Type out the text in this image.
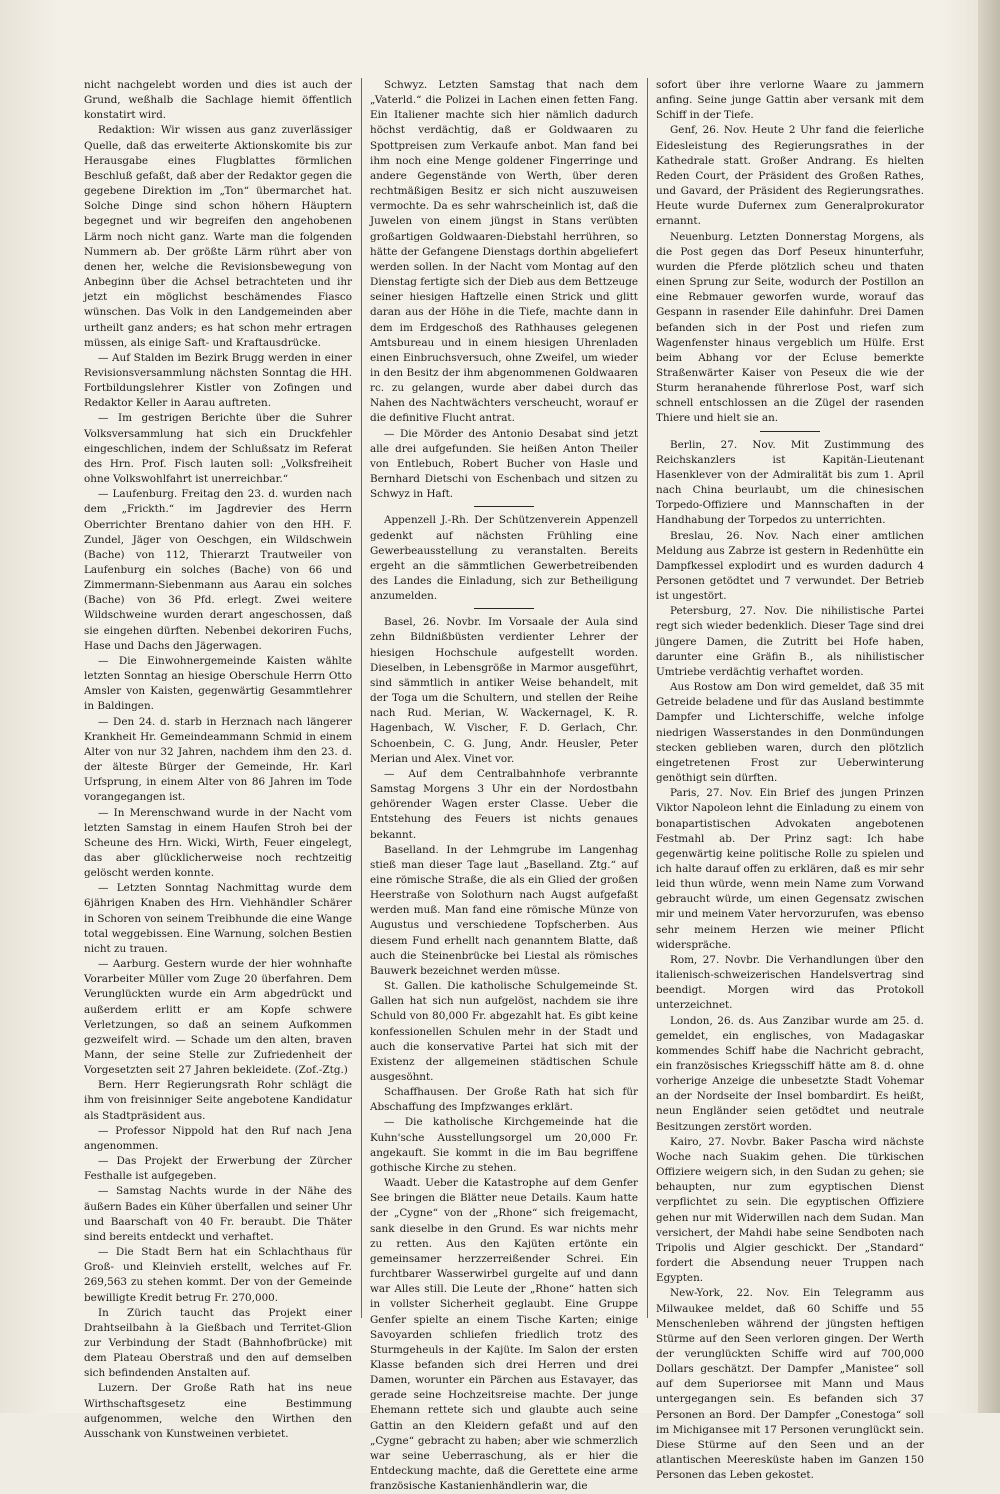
nicht nachgelebt worden und dies ist auch der Grund, weßhalb die Sachlage hiemit öffentlich konstatirt wird.

Redaktion: Wir wissen aus ganz zuverlässiger Quelle, daß das erweiterte Aktionskomite bis zur Herausgabe eines Flugblattes förmlichen Beschluß gefaßt, daß aber der Redaktor gegen die gegebene Direktion im „Ton“ übermarchet hat. Solche Dinge sind schon höhern Häuptern begegnet und wir begreifen den angehobenen Lärm noch nicht ganz. Warte man die folgenden Nummern ab. Der größte Lärm rührt aber von denen her, welche die Revisionsbewegung von Anbeginn über die Achsel betrachteten und ihr jetzt ein möglichst beschämendes Fiasco wünschen. Das Volk in den Landgemeinden aber urtheilt ganz anders; es hat schon mehr ertragen müssen, als einige Saft- und Kraftausdrücke.

— Auf Stalden im Bezirk Brugg werden in einer Revisionsversammlung nächsten Sonntag die HH. Fortbildungslehrer Kistler von Zofingen und Redaktor Keller in Aarau auftreten.

— Im gestrigen Berichte über die Suhrer Volksversammlung hat sich ein Druckfehler eingeschlichen, indem der Schlußsatz im Referat des Hrn. Prof. Fisch lauten soll: „Volksfreiheit ohne Volkswohlfahrt ist unerreichbar.“

— Laufenburg. Freitag den 23. d. wurden nach dem „Frickth.“ im Jagdrevier des Herrn Oberrichter Brentano dahier von den HH. F. Zundel, Jäger von Oeschgen, ein Wildschwein (Bache) von 112, Thierarzt Trautweiler von Laufenburg ein solches (Bache) von 66 und Zimmermann-Siebenmann aus Aarau ein solches (Bache) von 36 Pfd. erlegt. Zwei weitere Wildschweine wurden derart angeschossen, daß sie eingehen dürften. Nebenbei dekoriren Fuchs, Hase und Dachs den Jägerwagen.

— Die Einwohnergemeinde Kaisten wählte letzten Sonntag an hiesige Oberschule Herrn Otto Amsler von Kaisten, gegenwärtig Gesammtlehrer in Baldingen.

— Den 24. d. starb in Herznach nach längerer Krankheit Hr. Gemeindeammann Schmid in einem Alter von nur 32 Jahren, nachdem ihm den 23. d. der älteste Bürger der Gemeinde, Hr. Karl Urfsprung, in einem Alter von 86 Jahren im Tode vorangegangen ist.

— In Merenschwand wurde in der Nacht vom letzten Samstag in einem Haufen Stroh bei der Scheune des Hrn. Wicki, Wirth, Feuer eingelegt, das aber glücklicherweise noch rechtzeitig gelöscht werden konnte.

— Letzten Sonntag Nachmittag wurde dem 6jährigen Knaben des Hrn. Viehhändler Schärer in Schoren von seinem Treibhunde die eine Wange total weggebissen. Eine Warnung, solchen Bestien nicht zu trauen.

— Aarburg. Gestern wurde der hier wohnhafte Vorarbeiter Müller vom Zuge 20 überfahren. Dem Verunglückten wurde ein Arm abgedrückt und außerdem erlitt er am Kopfe schwere Verletzungen, so daß an seinem Aufkommen gezweifelt wird. — Schade um den alten, braven Mann, der seine Stelle zur Zufriedenheit der Vorgesetzten seit 27 Jahren bekleidete. (Zof.-Ztg.)

Bern. Herr Regierungsrath Rohr schlägt die ihm von freisinniger Seite angebotene Kandidatur als Stadtpräsident aus.

— Professor Nippold hat den Ruf nach Jena angenommen.

— Das Projekt der Erwerbung der Zürcher Festhalle ist aufgegeben.

— Samstag Nachts wurde in der Nähe des äußern Bades ein Küher überfallen und seiner Uhr und Baarschaft von 40 Fr. beraubt. Die Thäter sind bereits entdeckt und verhaftet.

— Die Stadt Bern hat ein Schlachthaus für Groß- und Kleinvieh erstellt, welches auf Fr. 269,563 zu stehen kommt. Der von der Gemeinde bewilligte Kredit betrug Fr. 270,000.

In Zürich taucht das Projekt einer Drahtseilbahn à la Gießbach und Territet-Glion zur Verbindung der Stadt (Bahnhofbrücke) mit dem Plateau Oberstraß und den auf demselben sich befindenden Anstalten auf.

Luzern. Der Große Rath hat ins neue Wirthschaftsgesetz eine Bestimmung aufgenommen, welche den Wirthen den Ausschank von Kunstweinen verbietet.

Schwyz. Letzten Samstag that nach dem „Vaterld.“ die Polizei in Lachen einen fetten Fang. Ein Italiener machte sich hier nämlich dadurch höchst verdächtig, daß er Goldwaaren zu Spottpreisen zum Verkaufe anbot. Man fand bei ihm noch eine Menge goldener Fingerringe und andere Gegenstände von Werth, über deren rechtmäßigen Besitz er sich nicht auszuweisen vermochte. Da es sehr wahrscheinlich ist, daß die Juwelen von einem jüngst in Stans verübten großartigen Goldwaaren-Diebstahl herrühren, so hätte der Gefangene Dienstags dorthin abgeliefert werden sollen. In der Nacht vom Montag auf den Dienstag fertigte sich der Dieb aus dem Bettzeuge seiner hiesigen Haftzelle einen Strick und glitt daran aus der Höhe in die Tiefe, machte dann in dem im Erdgeschoß des Rathhauses gelegenen Amtsbureau und in einem hiesigen Uhrenladen einen Einbruchsversuch, ohne Zweifel, um wieder in den Besitz der ihm abgenommenen Goldwaaren rc. zu gelangen, wurde aber dabei durch das Nahen des Nachtwächters verscheucht, worauf er die definitive Flucht antrat.

— Die Mörder des Antonio Desabat sind jetzt alle drei aufgefunden. Sie heißen Anton Theiler von Entlebuch, Robert Bucher von Hasle und Bernhard Dietschi von Eschenbach und sitzen zu Schwyz in Haft.

Appenzell J.-Rh. Der Schützenverein Appenzell gedenkt auf nächsten Frühling eine Gewerbeausstellung zu veranstalten. Bereits ergeht an die sämmtlichen Gewerbetreibenden des Landes die Einladung, sich zur Betheiligung anzumelden.

Basel, 26. Novbr. Im Vorsaale der Aula sind zehn Bildnißbüsten verdienter Lehrer der hiesigen Hochschule aufgestellt worden. Dieselben, in Lebensgröße in Marmor ausgeführt, sind sämmtlich in antiker Weise behandelt, mit der Toga um die Schultern, und stellen der Reihe nach Rud. Merian, W. Wackernagel, K. R. Hagenbach, W. Vischer, F. D. Gerlach, Chr. Schoenbein, C. G. Jung, Andr. Heusler, Peter Merian und Alex. Vinet vor.

— Auf dem Centralbahnhofe verbrannte Samstag Morgens 3 Uhr ein der Nordostbahn gehörender Wagen erster Classe. Ueber die Entstehung des Feuers ist nichts genaues bekannt.

Baselland. In der Lehmgrube im Langenhag stieß man dieser Tage laut „Baselland. Ztg.“ auf eine römische Straße, die als ein Glied der großen Heerstraße von Solothurn nach Augst aufgefaßt werden muß. Man fand eine römische Münze von Augustus und verschiedene Topfscherben. Aus diesem Fund erhellt nach genanntem Blatte, daß auch die Steinenbrücke bei Liestal als römisches Bauwerk bezeichnet werden müsse.

St. Gallen. Die katholische Schulgemeinde St. Gallen hat sich nun aufgelöst, nachdem sie ihre Schuld von 80,000 Fr. abgezahlt hat. Es gibt keine konfessionellen Schulen mehr in der Stadt und auch die konservative Partei hat sich mit der Existenz der allgemeinen städtischen Schule ausgesöhnt.

Schaffhausen. Der Große Rath hat sich für Abschaffung des Impfzwanges erklärt.

— Die katholische Kirchgemeinde hat die Kuhn'sche Ausstellungsorgel um 20,000 Fr. angekauft. Sie kommt in die im Bau begriffene gothische Kirche zu stehen.

Waadt. Ueber die Katastrophe auf dem Genfer See bringen die Blätter neue Details. Kaum hatte der „Cygne“ von der „Rhone“ sich freigemacht, sank dieselbe in den Grund. Es war nichts mehr zu retten. Aus den Kajüten ertönte ein gemeinsamer herzzerreißender Schrei. Ein furchtbarer Wasserwirbel gurgelte auf und dann war Alles still. Die Leute der „Rhone“ hatten sich in vollster Sicherheit geglaubt. Eine Gruppe Genfer spielte an einem Tische Karten; einige Savoyarden schliefen friedlich trotz des Sturmgeheuls in der Kajüte. Im Salon der ersten Klasse befanden sich drei Herren und drei Damen, worunter ein Pärchen aus Estavayer, das gerade seine Hochzeitsreise machte. Der junge Ehemann rettete sich und glaubte auch seine Gattin an den Kleidern gefaßt und auf den „Cygne“ gebracht zu haben; aber wie schmerzlich war seine Ueberraschung, als er hier die Entdeckung machte, daß die Gerettete eine arme französische Kastanienhändlerin war, die

sofort über ihre verlorne Waare zu jammern anfing. Seine junge Gattin aber versank mit dem Schiff in der Tiefe.

Genf, 26. Nov. Heute 2 Uhr fand die feierliche Eidesleistung des Regierungsrathes in der Kathedrale statt. Großer Andrang. Es hielten Reden Court, der Präsident des Großen Rathes, und Gavard, der Präsident des Regierungsrathes. Heute wurde Dufernex zum Generalprokurator ernannt.

Neuenburg. Letzten Donnerstag Morgens, als die Post gegen das Dorf Peseux hinunterfuhr, wurden die Pferde plötzlich scheu und thaten einen Sprung zur Seite, wodurch der Postillon an eine Rebmauer geworfen wurde, worauf das Gespann in rasender Eile dahinfuhr. Drei Damen befanden sich in der Post und riefen zum Wagenfenster hinaus vergeblich um Hülfe. Erst beim Abhang vor der Ecluse bemerkte Straßenwärter Kaiser von Peseux die wie der Sturm heranahende führerlose Post, warf sich schnell entschlossen an die Zügel der rasenden Thiere und hielt sie an.

Berlin, 27. Nov. Mit Zustimmung des Reichskanzlers ist Kapitän-Lieutenant Hasenklever von der Admiralität bis zum 1. April nach China beurlaubt, um die chinesischen Torpedo-Offiziere und Mannschaften in der Handhabung der Torpedos zu unterrichten.

Breslau, 26. Nov. Nach einer amtlichen Meldung aus Zabrze ist gestern in Redenhütte ein Dampfkessel explodirt und es wurden dadurch 4 Personen getödtet und 7 verwundet. Der Betrieb ist ungestört.

Petersburg, 27. Nov. Die nihilistische Partei regt sich wieder bedenklich. Dieser Tage sind drei jüngere Damen, die Zutritt bei Hofe haben, darunter eine Gräfin B., als nihilistischer Umtriebe verdächtig verhaftet worden.

Aus Rostow am Don wird gemeldet, daß 35 mit Getreide beladene und für das Ausland bestimmte Dampfer und Lichterschiffe, welche infolge niedrigen Wasserstandes in den Donmündungen stecken geblieben waren, durch den plötzlich eingetretenen Frost zur Ueberwinterung genöthigt sein dürften.

Paris, 27. Nov. Ein Brief des jungen Prinzen Viktor Napoleon lehnt die Einladung zu einem von bonapartistischen Advokaten angebotenen Festmahl ab. Der Prinz sagt: Ich habe gegenwärtig keine politische Rolle zu spielen und ich halte darauf offen zu erklären, daß es mir sehr leid thun würde, wenn mein Name zum Vorwand gebraucht würde, um einen Gegensatz zwischen mir und meinem Vater hervorzurufen, was ebenso sehr meinem Herzen wie meiner Pflicht widerspräche.

Rom, 27. Novbr. Die Verhandlungen über den italienisch-schweizerischen Handelsvertrag sind beendigt. Morgen wird das Protokoll unterzeichnet.

London, 26. ds. Aus Zanzibar wurde am 25. d. gemeldet, ein englisches, von Madagaskar kommendes Schiff habe die Nachricht gebracht, ein französisches Kriegsschiff hätte am 8. d. ohne vorherige Anzeige die unbesetzte Stadt Vohemar an der Nordseite der Insel bombardirt. Es heißt, neun Engländer seien getödtet und neutrale Besitzungen zerstört worden.

Kairo, 27. Novbr. Baker Pascha wird nächste Woche nach Suakim gehen. Die türkischen Offiziere weigern sich, in den Sudan zu gehen; sie behaupten, nur zum egyptischen Dienst verpflichtet zu sein. Die egyptischen Offiziere gehen nur mit Widerwillen nach dem Sudan. Man versichert, der Mahdi habe seine Sendboten nach Tripolis und Algier geschickt. Der „Standard“ fordert die Absendung neuer Truppen nach Egypten.

New-York, 22. Nov. Ein Telegramm aus Milwaukee meldet, daß 60 Schiffe und 55 Menschenleben während der jüngsten heftigen Stürme auf den Seen verloren gingen. Der Werth der verunglückten Schiffe wird auf 700,000 Dollars geschätzt. Der Dampfer „Manistee“ soll auf dem Superiorsee mit Mann und Maus untergegangen sein. Es befanden sich 37 Personen an Bord. Der Dampfer „Conestoga“ soll im Michigansee mit 17 Personen verunglückt sein. Diese Stürme auf den Seen und an der atlantischen Meeresküste haben im Ganzen 150 Personen das Leben gekostet.
